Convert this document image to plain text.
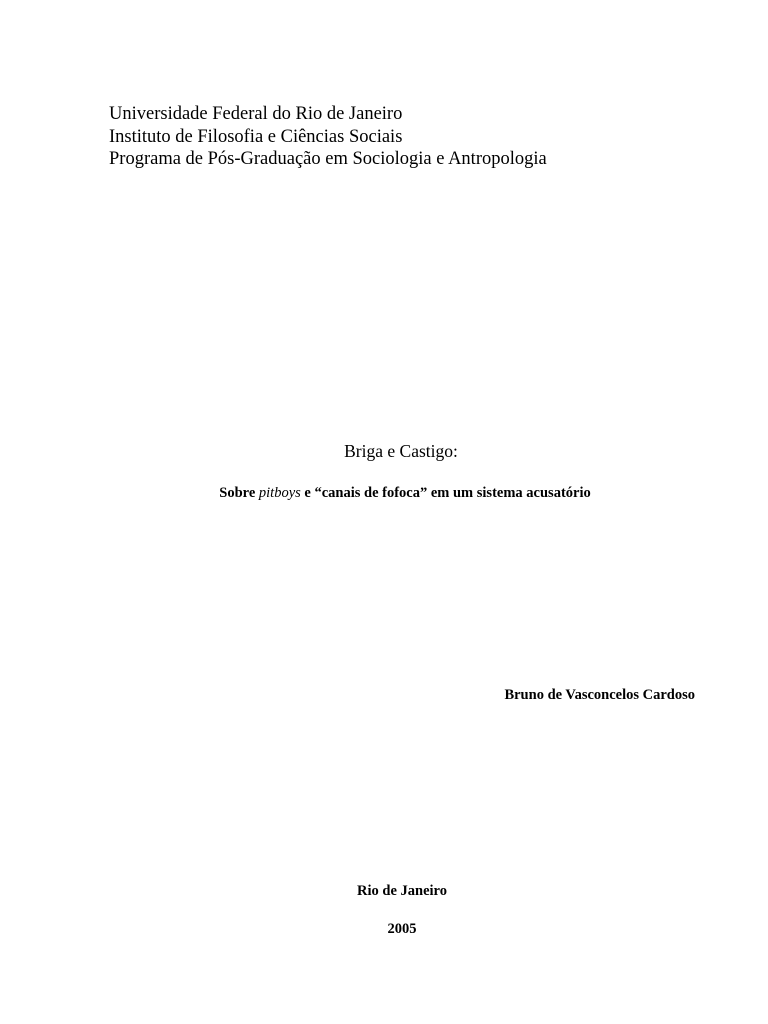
Universidade Federal do Rio de Janeiro
Instituto de Filosofia e Ciências Sociais
Programa de Pós-Graduação em Sociologia e Antropologia
Briga e Castigo:
Sobre pitboys e “canais de fofoca” em um sistema acusatório
Bruno de Vasconcelos Cardoso
Rio de Janeiro
2005
